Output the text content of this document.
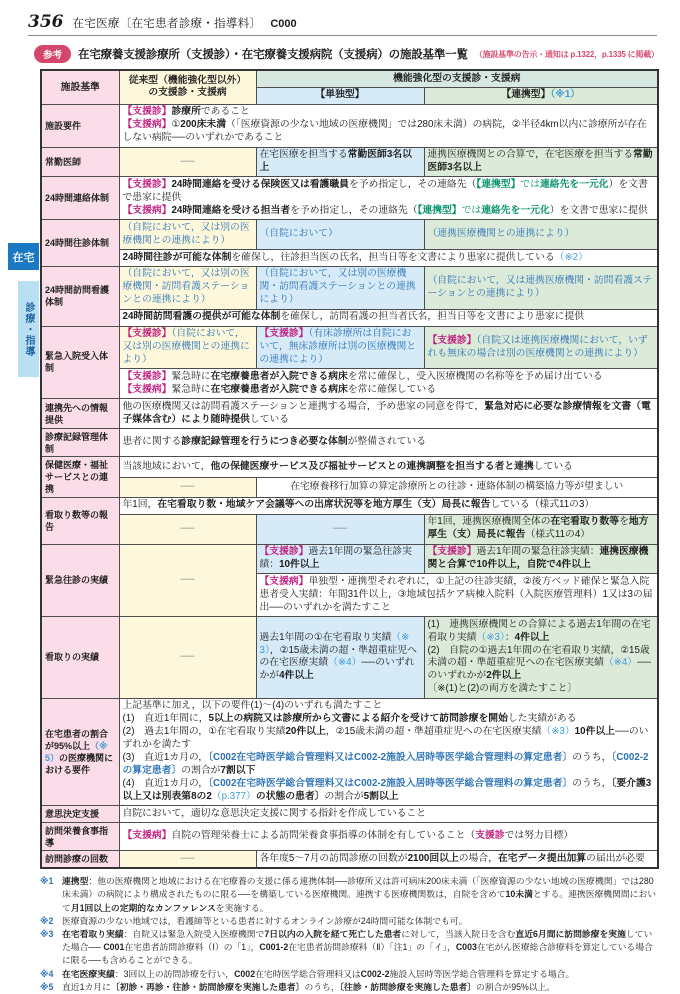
356 在宅医療〔在宅患者診療・指導料〕 C000
参考	在宅療養支援診療所（支援診）・在宅療養支援病院（支援病）の施設基準一覧 （施設基準の告示・通知は p.1322，p.1335 に掲載）
施設基準	従来型（機能強化型以外）
の支援診・支援病	機能強化型の支援診・支援病	
		【単独型】	【連携型】（※1）
施設要件	【支援診】診療所であること
【支援病】①200床未満（「医療資源の少ない地域の医療機関」では280床未満）の病院，②半径4km以内に診療所が存在しない病院──のいずれかであること		
常勤医師	──	在宅医療を担当する常勤医師3名以上	連携医療機関との合算で，在宅医療を担当する常勤医師3名以上
24時間連絡体制	【支援診】24時間連絡を受ける保険医又は看護職員を予め指定し，その連絡先（【連携型】では連絡先を一元化）を文書で患家に提供
【支援病】24時間連絡を受ける担当者を予め指定し，その連絡先（【連携型】では連絡先を一元化）を文書で患家に提供		
24時間往診体制	（自院において，又は別の医療機関との連携により）	（自院において）	（連携医療機関との連携により）
	24時間往診が可能な体制を確保し，往診担当医の氏名，担当日等を文書により患家に提供している（※2）		
24時間訪問看護体制	（自院において，又は別の医療機関・訪問看護ステーションとの連携により）	（自院において，又は別の医療機関・訪問看護ステーションとの連携により）	（自院において，又は連携医療機関・訪問看護ステーションとの連携により）
	24時間訪問看護の提供が可能な体制を確保し，訪問看護の担当者氏名，担当日等を文書により患家に提供		
緊急入院受入体制	【支援診】（自院において，又は別の医療機関との連携により）	【支援診】（有床診療所は自院において，無床診療所は別の医療機関との連携により）	【支援診】（自院又は連携医療機関において，いずれも無床の場合は別の医療機関との連携により）
	【支援診】緊急時に在宅療養患者が入院できる病床を常に確保し，受入医療機関の名称等を予め届け出ている
【支援病】緊急時に在宅療養患者が入院できる病床を常に確保している		
連携先への情報提供	他の医療機関又は訪問看護ステーションと連携する場合，予め患家の同意を得て，緊急対応に必要な診療情報を文書（電子媒体含む）により随時提供している		
診療記録管理体制	患者に関する診療記録管理を行うにつき必要な体制が整備されている		
保健医療・福祉サービスとの連携	当該地域において，他の保健医療サービス及び福祉サービスとの連携調整を担当する者と連携している		
	──	在宅療養移行加算の算定診療所との往診・連絡体制の構築協力等が望ましい	
看取り数等の報告	年1回，在宅看取り数・地域ケア会議等への出席状況等を地方厚生（支）局長に報告している（様式11の3）		
	──	──	年1回，連携医療機関全体の在宅看取り数等を地方厚生（支）局長に報告（様式11の4）
緊急往診の実績	──	【支援診】過去1年間の緊急往診実績：10件以上	【支援診】過去1年間の緊急往診実績：連携医療機関と合算で10件以上，自院で4件以上
		【支援病】単独型・連携型それぞれに，①上記の往診実績，②後方ベッド確保と緊急入院患者受入実績：年間31件以上，③地域包括ケア病棟入院料（入院医療管理料）1又は3の届出──のいずれかを満たすこと	
看取りの実績	──	過去1年間の①在宅看取り実績（※3），②15歳未満の超・準超重症児への在宅医療実績（※4）──のいずれかが4件以上	(1)　連携医療機関との合算による過去1年間の在宅看取り実績（※3）：4件以上
(2)　自院の①過去1年間の在宅看取り実績，②15歳未満の超・準超重症児への在宅医療実績（※4）──のいずれかが2件以上
〔※(1)と(2)の両方を満たすこと〕
在宅患者の割合が95%以上（※5）の医療機関における要件	上記基準に加え，以下の要件(1)～(4)のいずれも満たすこと
(1)　直近1年間に，5以上の病院又は診療所から文書による紹介を受けて訪問診療を開始した実績がある
(2)　過去1年間の，①在宅看取り実績20件以上，②15歳未満の超・準超重症児への在宅医療実績（※3）10件以上──のいずれかを満たす
(3)　直近1カ月の，〔C002在宅時医学総合管理料又はC002-2施設入居時等医学総合管理料の算定患者〕のうち，〔C002-2の算定患者〕の割合が7割以下
(4)　直近1カ月の，〔C002在宅時医学総合管理料又はC002-2施設入居時等医学総合管理料の算定患者〕のうち，〔要介護3以上又は別表第8の2（p.377）の状態の患者〕の割合が5割以上		
意思決定支援	自院において，適切な意思決定支援に関する指針を作成していること		
訪問栄養食事指導	【支援病】自院の管理栄養士による訪問栄養食事指導の体制を有していること（支援診では努力目標）		
訪問診療の回数	──	各年度5～7月の訪問診療の回数が2100回以上の場合，在宅データ提出加算の届出が必要	
※1 連携型：他の医療機関と地域における在宅療養の支援に係る連携体制──診療所又は許可病床200床未満（「医療資源の少ない地域の医療機関」では280床未満）の病院により構成されたものに限る──を構築している医療機関。連携する医療機関数は，自院を含めて10未満とする。連携医療機関間において月1回以上の定期的なカンファレンスを実施する。
※2 医療資源の少ない地域では，看護師等といる患者に対するオンライン診療が24時間可能な体制でも可。
※3 在宅看取り実績：自院又は緊急入院受入医療機関で7日以内の入院を経て死亡した患者に対して，当該入院日を含む直近6月間に訪問診療を実施していた場合── C001在宅患者訪問診療料（Ⅰ）の「1」，C001-2在宅患者訪問診療料（Ⅱ）「注1」の「イ」，C003在宅がん医療総合診療料を算定している場合に限る──も含めることができる。
※4 在宅医療実績：3回以上の訪問診療を行い，C002在宅時医学総合管理料又はC002-2施設入居時等医学総合管理料を算定する場合。
※5 直近1カ月に〔初診・再診・往診・訪問診療を実施した患者〕のうち，〔往診・訪問診療を実施した患者〕の割合が95%以上。
在宅
診療・指導
